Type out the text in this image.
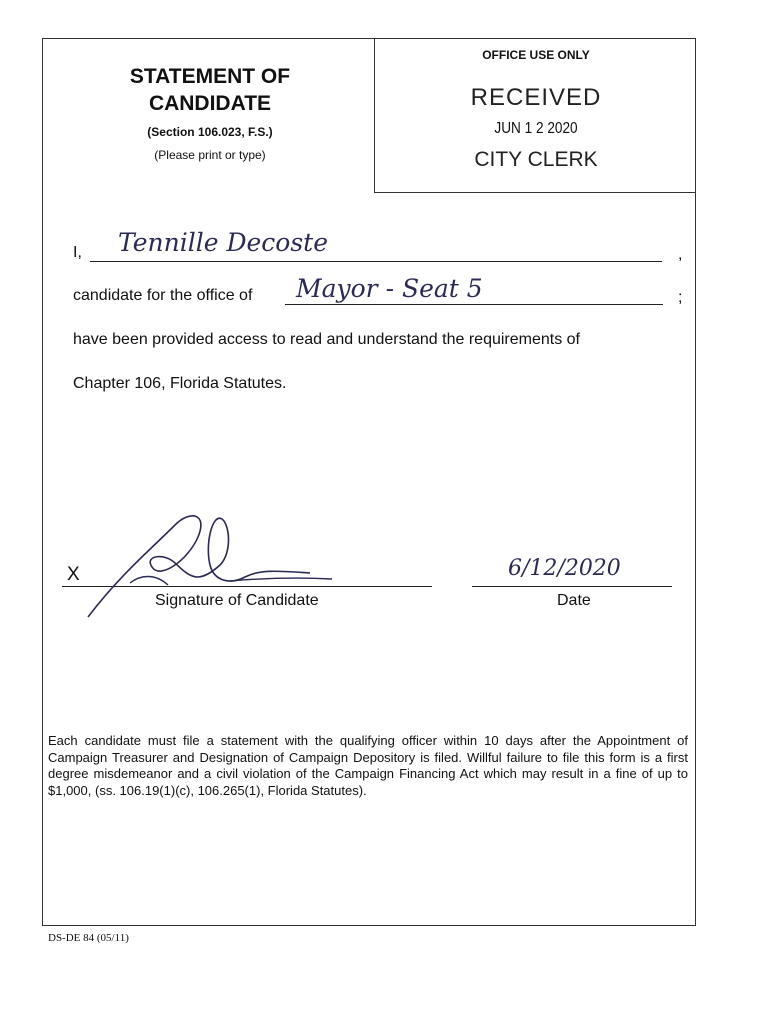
STATEMENT OF
CANDIDATE
(Section 106.023, F.S.)
(Please print or type)
OFFICE USE ONLY
RECEIVED
JUN 1 2 2020
CITY CLERK
I, Tennille Decoste	,
candidate for the office of Mayor - Seat 5	;
have been provided access to read and understand the requirements of
Chapter 106, Florida Statutes.
X
Signature of Candidate	Date
6/12/2020
Each candidate must file a statement with the qualifying officer within 10 days after the Appointment of Campaign Treasurer and Designation of Campaign Depository is filed. Willful failure to file this form is a first degree misdemeanor and a civil violation of the Campaign Financing Act which may result in a fine of up to $1,000, (ss. 106.19(1)(c), 106.265(1), Florida Statutes).
DS-DE 84 (05/11)
